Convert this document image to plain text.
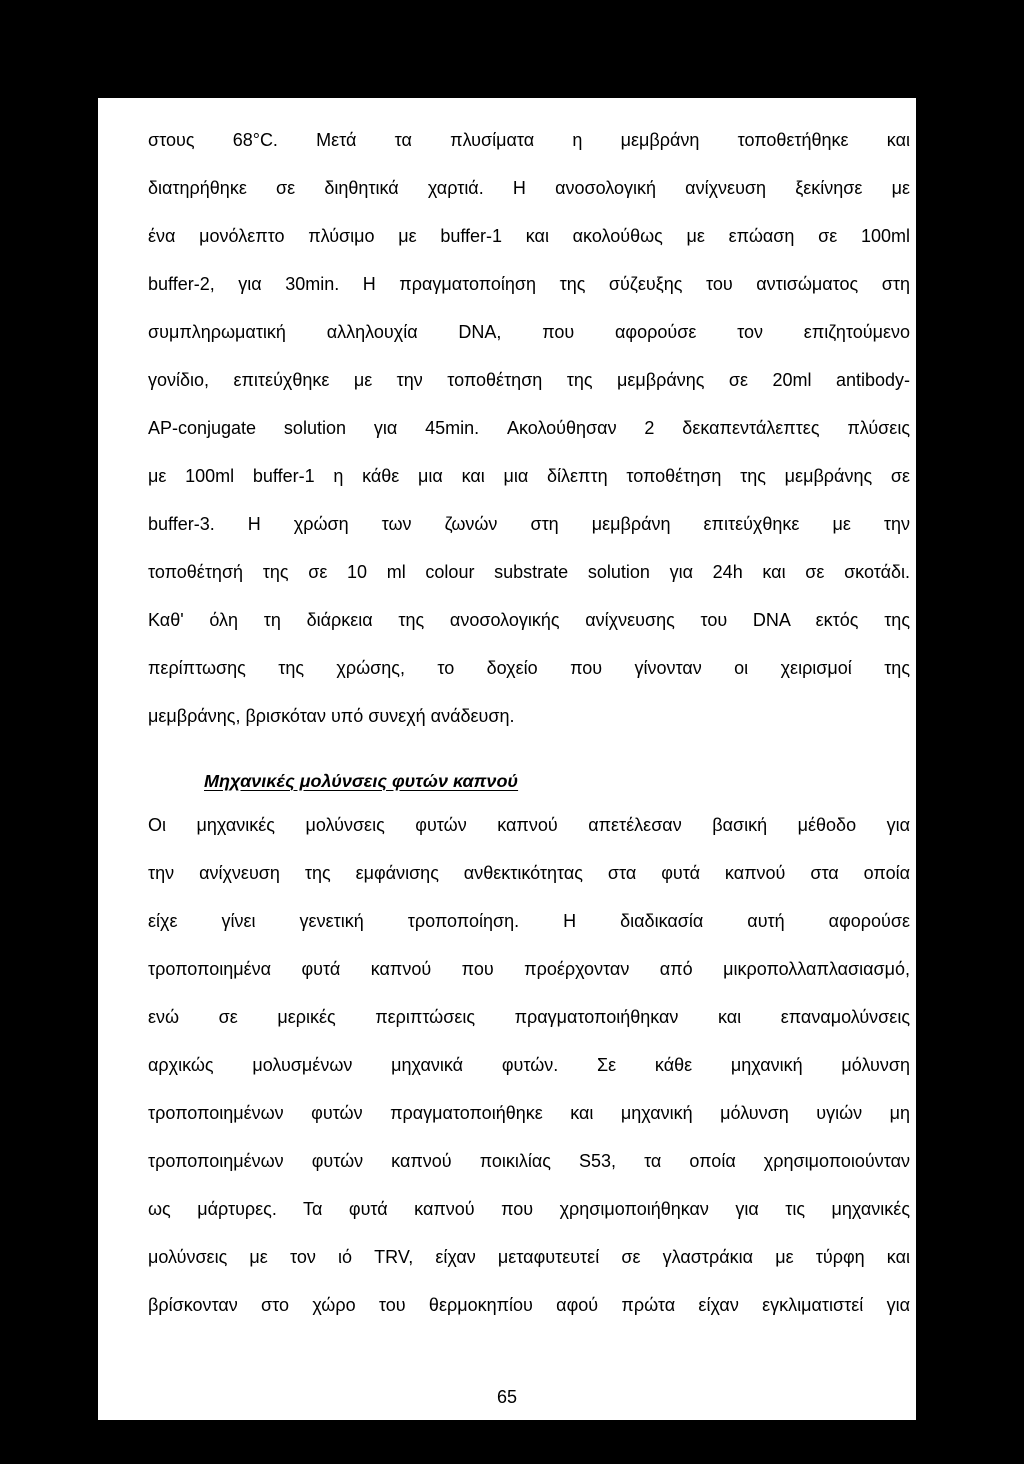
στους 68°C. Μετά τα πλυσίματα η μεμβράνη τοποθετήθηκε και
διατηρήθηκε σε διηθητικά χαρτιά. Η ανοσολογική ανίχνευση ξεκίνησε με
ένα μονόλεπτο πλύσιμο με buffer-1 και ακολούθως με επώαση σε 100ml
buffer-2, για 30min. Η πραγματοποίηση της σύζευξης του αντισώματος στη
συμπληρωματική αλληλουχία DNA, που αφορούσε τον επιζητούμενο
γονίδιο, επιτεύχθηκε με την τοποθέτηση της μεμβράνης σε 20ml antibody-
AP-conjugate solution για 45min. Ακολούθησαν 2 δεκαπεντάλεπτες πλύσεις
με 100ml buffer-1 η κάθε μια και μια δίλεπτη τοποθέτηση της μεμβράνης σε
buffer-3. Η χρώση των ζωνών στη μεμβράνη επιτεύχθηκε με την
τοποθέτησή της σε 10 ml colour substrate solution για 24h και σε σκοτάδι.
Καθ' όλη τη διάρκεια της ανοσολογικής ανίχνευσης του DNA εκτός της
περίπτωσης της χρώσης, το δοχείο που γίνονταν οι χειρισμοί της
μεμβράνης, βρισκόταν υπό συνεχή ανάδευση.
Μηχανικές μολύνσεις φυτών καπνού
Οι μηχανικές μολύνσεις φυτών καπνού απετέλεσαν βασική μέθοδο για
την ανίχνευση της εμφάνισης ανθεκτικότητας στα φυτά καπνού στα οποία
είχε γίνει γενετική τροποποίηση. Η διαδικασία αυτή αφορούσε
τροποποιημένα φυτά καπνού που προέρχονταν από μικροπολλαπλασιασμό,
ενώ σε μερικές περιπτώσεις πραγματοποιήθηκαν και επαναμολύνσεις
αρχικώς μολυσμένων μηχανικά φυτών. Σε κάθε μηχανική μόλυνση
τροποποιημένων φυτών πραγματοποιήθηκε και μηχανική μόλυνση υγιών μη
τροποποιημένων φυτών καπνού ποικιλίας S53, τα οποία χρησιμοποιούνταν
ως μάρτυρες. Τα φυτά καπνού που χρησιμοποιήθηκαν για τις μηχανικές
μολύνσεις με τον ιό TRV, είχαν μεταφυτευτεί σε γλαστράκια με τύρφη και
βρίσκονταν στο χώρο του θερμοκηπίου αφού πρώτα είχαν εγκλιματιστεί για
65
